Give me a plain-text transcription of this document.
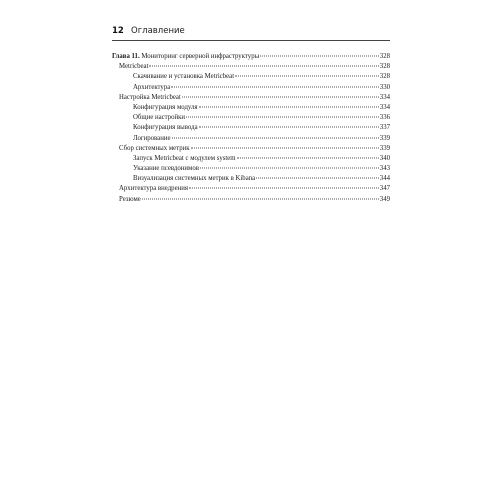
12 Оглавление
Глава 11. Мониторинг серверной инфраструктуры	328
Metricbeat	328
Скачивание и установка Metricbeat	328
Архитектура	330
Настройка Metricbeat	334
Конфигурация модуля	334
Общие настройки	336
Конфигурация вывода	337
Логирование	339
Сбор системных метрик	339
Запуск Metricbeat с модулем system	340
Указание псевдонимов	343
Визуализация системных метрик в Kibana	344
Архитектура внедрения	347
Резюме	349
